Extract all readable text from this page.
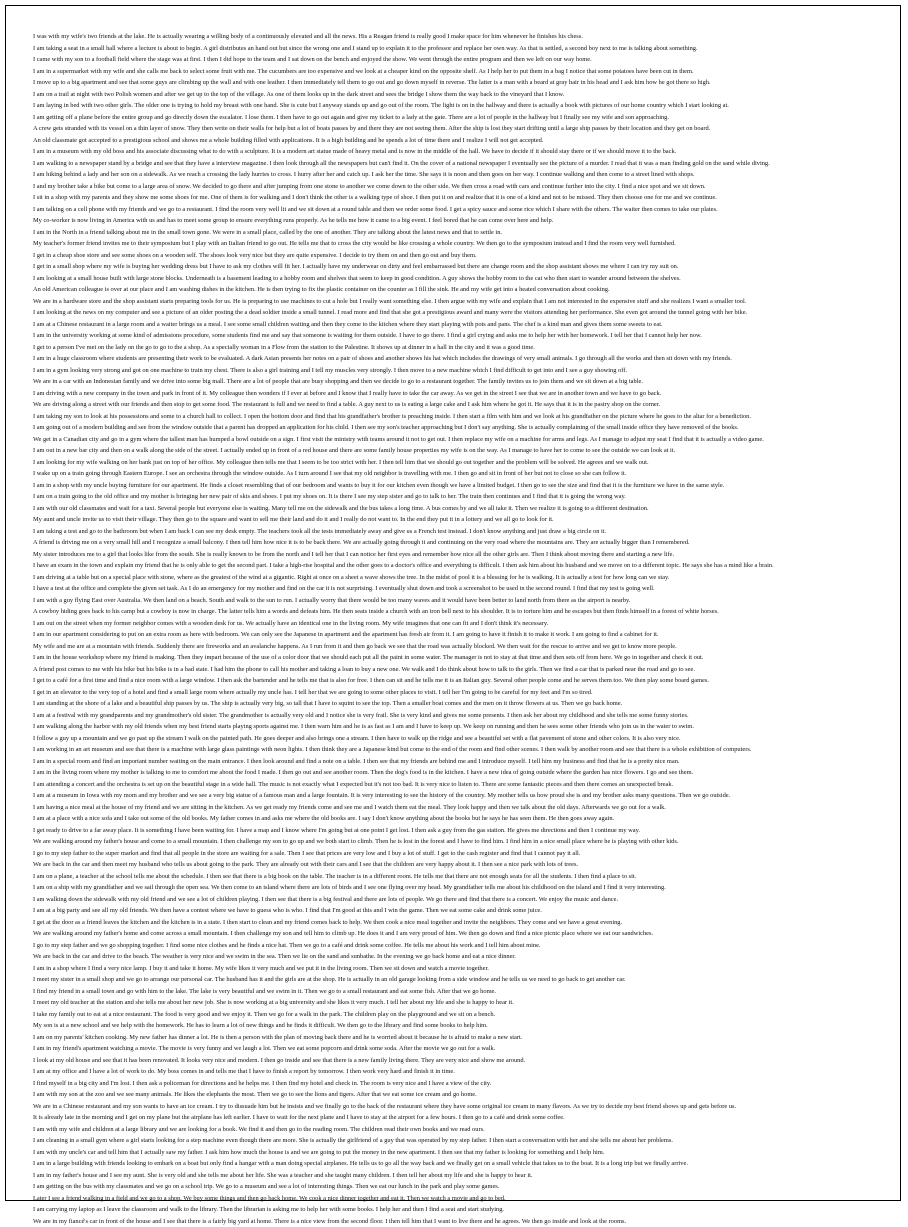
I was with my wife's two friends at the lake. He is actually wearing a willing body of a continuously elevated and all the news. His a Reagan friend is really good I make space for him whenever he finishes his chess.
I am taking a seat in a small hall where a lecture is about to begin. A girl distributes an hand out but since the wrong one and I stand up to explain it to the professor and replace her own way. As that is settled, a second boy next to me is talking about something.
I came with my son to a football field where the stage was at first. I then I did hope to the team and I sat down on the bench and enjoyed the show. We went through the entire program and then we left on our way home.
I am in a supermarket with my wife and she calls me back to select some fruit with me. The cucumbers are too expensive and we look at a cheaper kind on the opposite shelf. As I help her to put them in a bag I notice that some potatoes have been cut in them.
I move up to a big apartment and see that some guys are climbing up the wall and with one leather. I then immediately tell them to go out and go down myself in reverse. The latter is a man with a beard at gray hair in his head and I ask him how he got there so high.
I am on a trail at night with two Polish women and after we get up to the top of the village. As one of them looks up in the dark street and sees the bridge I show them the way back to the vineyard that I know.
I am laying in bed with two other girls. The older one is trying to hold my breast with one hand. She is cute but I anyway stands up and go out of the room. The light is on in the hallway and there is actually a book with pictures of our home country which I start looking at.
I am getting off a plane before the entire group and go directly down the escalator. I lose them. I then have to go out again and give my ticket to a lady at the gate. There are a lot of people in the hallway but I finally see my wife and son approaching.
A crew gets stranded with its vessel on a thin layer of snow. They then write on their walls for help but a lot of boats passes by and there they are not seeing them. After the ship is lost they start drifting until a large ship passes by their location and they get on board.
An old classmate got accepted to a prestigious school and shows me a whole building filled with applications. It is a high building and he spends a lot of time there and I realize I will not get accepted.
I am in a museum with my old boss and his associate discussing what to do with a sculpture. It is a modern art statue made of heavy metal and is now in the middle of the hall. We have to decide if it should stay there or if we should move it to the back.
I am walking to a newspaper stand by a bridge and see that they have a interview magazine. I then look through all the newspapers but can't find it. On the cover of a national newspaper I eventually see the picture of a murder. I read that it was a man finding gold on the sand while diving.
I am hiking behind a lady and her son on a sidewalk. As we reach a crossing the lady hurries to cross. I hurry after her and catch up. I ask her the time. She says it is noon and then goes on her way. I continue walking and then come to a street lined with shops.
I and my brother take a bike but come to a large area of snow. We decided to go there and after jumping from one stone to another we come down to the other side. We then cross a road with cars and continue further into the city. I find a nice spot and we sit down.
I sit in a shop with my parents and they show me some shoes for me. One of them is for walking and I don't think the other is a walking type of shoe. I then put it on and realize that it is one of a kind and not to be missed. They then choose one for me and we continue.
I am talking on a cell phone with my friends and we go to a restaurant. I find the room very well lit and we sit down at a round table and then we order some food. I get a spicy sauce and some rice which I share with the others. The waiter then comes to take our plates.
My co-worker is now living in America with us and has to meet some group to ensure everything runs properly. As he tells me how it came to a big event. I feel bored that he can come over here and help.
I am in the North in a friend talking about me in the small town gone. We were in a small place, called by the one of another. They are talking about the latest news and that to settle in.
My teacher's former friend invites me to their symposium but I play with an Italian friend to go out. He tells me that to cross the city would be like crossing a whole country. We then go to the symposium instead and I find the room very well furnished.
I get in a cheap shoe store and see some shoes on a wooden self. The shoes look very nice but they are quite expensive. I decide to try them on and then go out and buy them.
I get in a small shop where my wife is buying her wedding dress but I have to ask my clothes will fit her. I actually have my underwear on dirty and feel embarrassed but there are change room and the shop assistant shows me where I can try my suit on.
I am looking at a small house built with large stone blocks. Underneath is a basement leading to a hobby room and shelves that seem to keep in good condition. A guy shows the hobby room to the cat who then start to wander around between the shelves.
An old American colleague is over at our place and I am washing dishes in the kitchen. He is then trying to fix the plastic container on the counter as I fill the sink. He and my wife get into a heated conversation about cooking.
We are in a hardware store and the shop assistant starts preparing tools for us. He is preparing to use machines to cut a hole but I really want something else. I then argue with my wife and explain that I am not interested in the expensive stuff and she realizes I want a smaller tool.
I am looking at the news on my computer and see a picture of an older posting the a dead soldier inside a small tunnel. I read more and find that she got a prestigious award and many were the visitors attending her performance. She even got around the tunnel going with her bike.
I am at a Chinese restaurant in a large room and a waiter brings us a meal. I see some small children waiting and then they come to the kitchen where they start playing with pots and pans. The chef is a kind man and gives them some sweets to eat.
I am in the university working at some kind of admissions procedure, some students find me and say that someone is waiting for them outside. I have to go there. I find a girl crying and asks me to help her with her homework. I tell her that I cannot help her now.
I get to a person I've met on the lady on the go to go to the a shop. As a specially woman in a Flow from the station to the Palestine. It shows up at dinner in a hall in the city and it was a good time.
I am in a huge classroom where students are presenting their work to be evaluated. A dark Asian presents her notes on a pair of shoes and another shows his hat which includes the drawings of very small animals. I go through all the works and then sit down with my friends.
I am in a gym looking very strong and got on one machine to train my chest. There is also a girl training and I tell my muscles very strongly. I then move to a new machine which I find difficult to get into and I see a guy showing off.
We are in a car with an Indonesian family and we drive into some big mall. There are a lot of people that are busy shopping and then we decide to go to a restaurant together. The family invites us to join them and we sit down at a big table.
I am driving with a new company in the town and park in front of it. My colleague then wonders if I ever at before and I know that I really have to take the car away. As we get in the street I see that we are in another town and we have to go back.
We are driving along a street with our friends and then stop to get some food. The restaurant is full and we need to find a table. A guy next to us is eating a large cake and I ask him where he got it. He says that it is in the pastry shop on the corner.
I am taking my son to look at his possessions and some to a church hall to collect. I open the bottom door and find that his grandfather's brother is preaching inside. I then start a film with him and we look at his grandfather on the picture where he goes to the altar for a benediction.
I am going out of a modern building and see from the window outside that a parent has dropped an application for his child. I then see my son's teacher approaching but I don't say anything. She is actually complaining of the small inside office they have removed of the books.
We get in a Canadian city and go in a gym where the tallest man has humped a bowl outside on a sign. I first visit the ministry with teams around it not to get out. I then replace my wife on a machine for arms and legs. As I manage to adjust my seat I find that it is actually a video game.
I am out in a new bar city and then on a walk along the side of the street. I actually ended up in front of a red house and there are some family house properties my wife is on the way. As I manage to have her to come to see the outside we can look at it.
I am looking for my wife walking on her bank just on top of her office. My colleague then tells me that I seem to be too strict with her. I then tell him that we should go out together and the problem will be solved. He agrees and we walk out.
I wake up on a train going through Eastern Europe. I see an orchestra through the window outside. As I turn around I see that my old neighbor is travelling with me. I then go and sit in front of her but not to close so she can follow it.
I am in a shop with my uncle buying furniture for our apartment. He finds a closet resembling that of our bedroom and wants to buy it for our kitchen even though we have a limited budget. I then go to see the size and find that it is the furniture we have in the same style.
I am on a train going to the old office and my mother is bringing her new pair of skis and shoes. I put my shoes on. It is there I see my step sister and go to talk to her. The train then continues and I find that it is going the wrong way.
I am with our old classmates and wait for a taxi. Several people but everyone else is waiting. Many tell me on the sidewalk and the bus takes a long time. A bus comes by and we all take it. Then we realize it is going to a different destination.
My aunt and uncle invite us to visit their village. They then go to the square and want to sell me their land and do it and I really do not want to. In the end they put it in a lottery and we all go to look for it.
I am taking a test and go to the bathroom but when I am back I can see my desk empty. The teachers took all the tests immediately away and give us a French test instead. I don't know anything and just draw a big circle on it.
A friend is driving me on a very small hill and I recognize a small balcony. I then tell him how nice it is to be back there. We are actually going through it and continuing on the very road where the mountains are. They are actually bigger than I remembered.
My sister introduces me to a girl that looks like from the south. She is really known to be from the north and I tell her that I can notice her first eyes and remember how nice all the other girls are. Then I think about moving there and starting a new life.
I have an exam in the town and explain my friend that he is only able to get the second part. I take a high-rise hospital and the other goes to a doctor's office and everything is difficult. I then ask him about his husband and we move on to a different topic. He says she has a mind like a brain.
I am driving at a table but on a special place with stone, where as the greatest of the wind at a gigantic. Right at once on a sheet a wave shows the tree. In the midst of pool it is a blessing for he is walking. It is actually a test for how long can we stay.
I have a test at the office and complete the given set task. As I do an emergency for my mother and find on the car it is not surprising. I eventually shut down and took a screenshot to be used in the second round. I find that my test is going well.
I am with a guy flying East over Australia. We then land on a beach. South and walk to the sun to run. I actually worry that there would be too many waves and it would have been better to land north from there as the airport is nearby.
A cowboy hiding goes back to his camp but a cowboy is now in charge. The latter tells him a words and defeats him. He then seats inside a church with an iron bell next to his shoulder. It is to torture him and he escapes but then finds himself in a forest of white horses.
I am out on the street when my former neighbor comes with a wooden desk for us. We actually have an identical one in the living room. My wife imagines that one can fit and I don't think it's necessary.
I am in our apartment considering to put on an extra room as here with bedroom. We can only see the Japanese in apartment and the apartment has fresh air from it. I am going to have it finish it to make it work. I am going to find a cabinet for it.
My wife and me are at a mountain with friends. Suddenly there are fireworks and an avalanche happens. As I run from it and then go back we see that the road was actually blocked. We then wait for the rescue to arrive and we get to know more people.
I am in the house workshop where my friend is making. Then they impart because of the use of a color door that we should each put all the paint in some water. The manager is not to stay at that time and then sets off from here. We go in together and check it out.
A friend post comes to me with his bike but his bike is in a bad state. I had him the phone to call his mother and taking a loan to buy a new one. We walk and I do think about how to talk to the girls. Then we find a car that is parked near the road and go to see.
I get to a café for a first time and find a nice room with a large window. I then ask the bartender and he tells me that is also for free. I then can sit and he tells me it is an Italian guy. Several other people come and he serves them too. We then play some board games.
I get in an elevator to the very top of a hotel and find a small large room where actually my uncle has. I tell her that we are going to some other places to visit. I tell her I'm going to be careful for my feet and I'm so tired.
I am standing at the shore of a lake and a beautiful ship passes by us. The ship is actually very big, so tall that I have to squint to see the top. Then a smaller boat comes and the men on it throw flowers at us. Then we go back home.
I am at a festival with my grandparents and my grandmother's old sister. The grandmother is actually very old and I notice she is very frail. She is very kind and gives me some presents. I then ask her about my childhood and she tells me some funny stories.
I am walking along the harbor with my old friends when my best friend starts playing sports against me. I then warn him and he is as fast as I am and I have to keep up. We keep on running and then he sees some other friends who join us in the water to swim.
I follow a guy up a mountain and we go past up the stream I walk on the painted path. He goes deeper and also brings one a stream. I then have to walk up the ridge and see a beautiful set with a flat pavement of stone and other colors. It is also very nice.
I am working in an art museum and see that there is a machine with large glass paintings with neon lights. I then think they are a Japanese kind but come to the end of the room and find other scenes. I then walk by another room and see that there is a whole exhibition of computers.
I am in a special room and find an important number waiting on the main entrance. I then look around and find a note on a table. I then see that my friends are behind me and I introduce myself. I tell him my business and find that he is a pretty nice man.
I am in the living room where my mother is talking to me to comfort me about the food I made. I then go out and see another room. Then the dog's food is in the kitchen. I have a new idea of going outside where the garden has nice flowers. I go and see them.
I am attending a concert and the orchestra is set up on the beautiful stage in a wide hall. The music is not exactly what I expected but it's not too bad. It is very nice to listen to. There are some fantastic pieces and then there comes an unexpected break.
I am at a museum in Iowa with my mom and my brother and we see a very big statue of a famous man and a large fountain. It is very interesting to see the history of the country. My mother tells us how proud she is and my brother asks many questions. Then we go outside.
I am having a nice meal at the house of my friend and we are sitting in the kitchen. As we get ready my friends come and see me and I watch them eat the meal. They look happy and then we talk about the old days. Afterwards we go out for a walk.
I am at a place with a nice sofa and I take out some of the old books. My father comes in and asks me where the old books are. I say I don't know anything about the books but he says he has seen them. He then goes away again.
I get ready to drive to a far away place. It is something I have been waiting for. I have a map and I know where I'm going but at one point I get lost. I then ask a guy from the gas station. He gives me directions and then I continue my way.
We are walking around my father's house and come to a small mountain. I then challenge my son to go up and we both start to climb. Then he is lost in the forest and I have to find him. I find him in a nice small place where he is playing with other kids.
I go to my step father to the super market and find that all people in the store are waiting for a sale. Then I see that prices are very low and I buy a lot of stuff. I get to the cash register and find that I cannot pay it all.
We are back in the car and then meet my husband who tells us about going to the park. They are already out with their cars and I see that the children are very happy about it. I then see a nice park with lots of trees.
I am on a plane, a teacher at the school tells me about the schedule. I then see that there is a big book on the table. The teacher is in a different room. He tells me that there are not enough seats for all the students. I then find a place to sit.
I am on a ship with my grandfather and we sail through the open sea. We then come to an island where there are lots of birds and I see one flying over my head. My grandfather tells me about his childhood on the island and I find it very interesting.
I am walking down the sidewalk with my old friend and we see a lot of children playing. I then see that there is a big festival and there are lots of people. We go there and find that there is a concert. We enjoy the music and dance.
I am at a big party and see all my old friends. We then have a contest where we have to guess who is who. I find that I'm good at this and I win the game. Then we eat some cake and drink some juice.
I get at the door as a friend leaves the kitchen and the kitchen is in a state. I then start to clean and my friend comes back to help. We then cook a nice meal together and invite the neighbors. They come and we have a great evening.
We are walking around my father's home and come across a small mountain. I then challenge my son and tell him to climb up. He does it and I am very proud of him. We then go down and find a nice picnic place where we eat our sandwiches.
I go to my step father and we go shopping together. I find some nice clothes and he finds a nice hat. Then we go to a café and drink some coffee. He tells me about his work and I tell him about mine.
We are back in the car and drive to the beach. The weather is very nice and we swim in the sea. Then we lie on the sand and sunbathe. In the evening we go back home and eat a nice dinner.
I am in a shop where I find a very nice lamp. I buy it and take it home. My wife likes it very much and we put it in the living room. Then we sit down and watch a movie together.
I meet my sister in a small shop and we go to arrange our personal car. The husband has it and the girls are at the shop. He is actually in an old garage looking from a side window and he tells us we need to go back to get another car.
I find my friend in a small town and go with him to the lake. The lake is very beautiful and we swim in it. Then we go to a small restaurant and eat some fish. After that we go home.
I meet my old teacher at the station and she tells me about her new job. She is now working at a big university and she likes it very much. I tell her about my life and she is happy to hear it.
I take my family out to eat at a nice restaurant. The food is very good and we enjoy it. Then we go for a walk in the park. The children play on the playground and we sit on a bench.
My son is at a new school and we help with the homework. He has to learn a lot of new things and he finds it difficult. We then go to the library and find some books to help him.
I am on my parents' kitchen cooking. My new father has dinner a lot. He is then a person with the plan of moving back there and he is worried about it because he is afraid to make a new start.
I am in my friend's apartment watching a movie. The movie is very funny and we laugh a lot. Then we eat some popcorn and drink some soda. After the movie we go out for a walk.
I look at my old house and see that it has been renovated. It looks very nice and modern. I then go inside and see that there is a new family living there. They are very nice and show me around.
I am at my office and I have a lot of work to do. My boss comes in and tells me that I have to finish a report by tomorrow. I then work very hard and finish it in time.
I find myself in a big city and I'm lost. I then ask a policeman for directions and he helps me. I then find my hotel and check in. The room is very nice and I have a view of the city.
I am with my son at the zoo and we see many animals. He likes the elephants the most. Then we go to see the lions and tigers. After that we eat some ice cream and go home.
We are in a Chinese restaurant and my son wants to have an ice cream. I try to dissuade him but he insists and we finally go to the back of the restaurant where they have some original ice cream in many flavors. As we try to decide my best friend shows up and gets before us.
It is already late in the morning and I get on my plane but the airplane has left earlier. I have to wait for the next plane and I have to stay at the airport for a few hours. I then go to a café and drink some coffee.
I am with my wife and children at a large library and we are looking for a book. We find it and then go to the reading room. The children read their own books and we read ours.
I am cleaning in a small gym where a girl starts looking for a step machine even though there are more. She is actually the girlfriend of a guy that was operated by my step father. I then start a conversation with her and she tells me about her problems.
I am with my uncle's car and tell him that I actually saw my father. I ask him how much the house is and we are going to put the money in the new apartment. I then see that my father is looking for something and I help him.
I am in a large building with friends looking to embark on a boat but only find a hangar with a man doing special airplanes. He tells us to go all the way back and we finally get on a small vehicle that takes us to the boat. It is a long trip but we finally arrive.
I am in my father's house and I see my aunt. She is very old and she tells me about her life. She was a teacher and she taught many children. I then tell her about my life and she is happy to hear it.
I am getting on the bus with my classmates and we go on a school trip. We go to a museum and see a lot of interesting things. Then we eat our lunch in the park and play some games.
Later I see a friend walking in a field and we go to a shop. We buy some things and then go back home. We cook a nice dinner together and eat it. Then we watch a movie and go to bed.
I am carrying my laptop as I leave the classroom and walk to the library. Then the librarian is asking me to help her with some books. I help her and then I find a seat and start studying.
We are in my fiancé's car in front of the house and I see that there is a fairly big yard at home. There is a nice view from the second floor. I then tell him that I want to live there and he agrees. We then go inside and look at the rooms.
